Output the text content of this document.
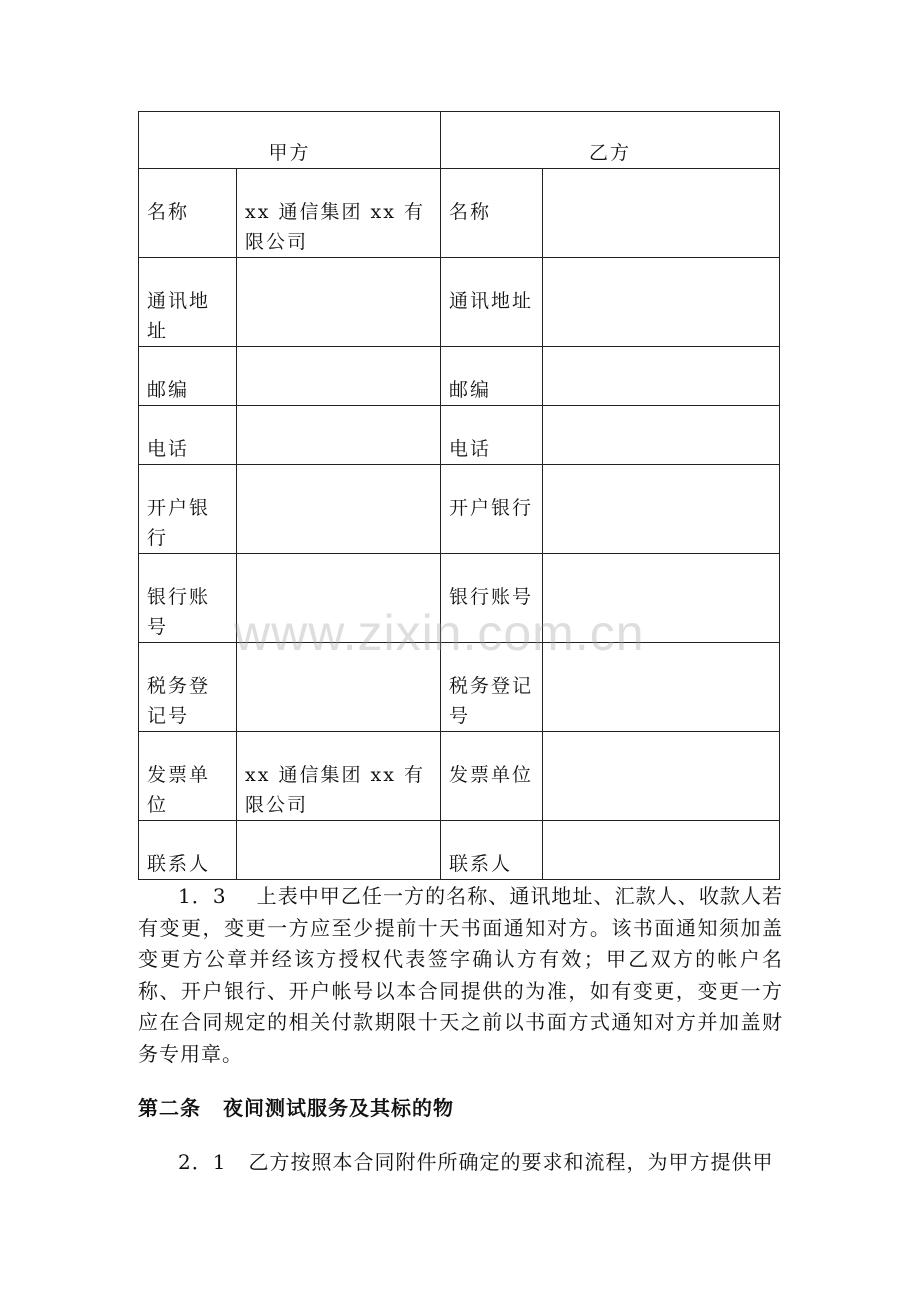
甲方		乙方	

名称	xx 通信集团 xx 有限公司	名称	

通讯地址		通讯地址	

邮编		邮编	

电话		电话	

开户银行		开户银行	

银行账号		银行账号	

税务登记号		税务登记号	

发票单位	xx 通信集团 xx 有限公司	发票单位	

联系人		联系人	

1．3 上表中甲乙任一方的名称、通讯地址、汇款人、收款人若有变更，变更一方应至少提前十天书面通知对方。该书面通知须加盖变更方公章并经该方授权代表签字确认方有效；甲乙双方的帐户名称、开户银行、开户帐号以本合同提供的为准，如有变更，变更一方应在合同规定的相关付款期限十天之前以书面方式通知对方并加盖财务专用章。
第二条 夜间测试服务及其标的物
2．1 乙方按照本合同附件所确定的要求和流程，为甲方提供甲
www.zixin.com.cn
